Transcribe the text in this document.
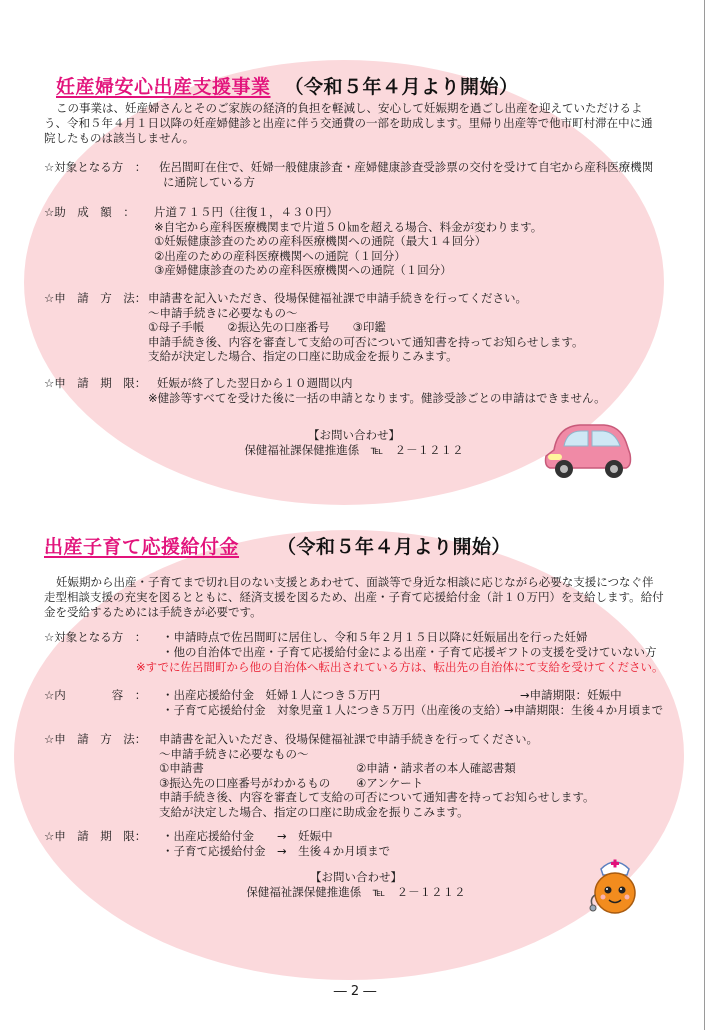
妊産婦安心出産支援事業 （令和５年４月より開始）

この事業は、妊産婦さんとそのご家族の経済的負担を軽減し、安心して妊娠期を過ごし出産を迎えていただけるよう、令和５年４月１日以降の妊産婦健診と出産に伴う交通費の一部を助成します。里帰り出産等で他市町村滞在中に通院したものは該当しません。

☆対象となる方　： 佐呂間町在住で、妊婦一般健康診査・産婦健康診査受診票の交付を受けて自宅から産科医療機関
に通院している方
☆助　成　額　： 片道７１５円（往復１，４３０円）
※自宅から産科医療機関まで片道５０㎞を超える場合、料金が変わります。
①妊娠健康診査のための産科医療機関への通院（最大１４回分）
②出産のための産科医療機関への通院（１回分）
③産婦健康診査のための産科医療機関への通院（１回分）
☆申　請　方　法： 申請書を記入いただき、役場保健福祉課で申請手続きを行ってください。
～申請手続きに必要なもの～
①母子手帳　　②振込先の口座番号　　③印鑑
申請手続き後、内容を審査して支給の可否について通知書を持ってお知らせします。
支給が決定した場合、指定の口座に助成金を振りこみます。
☆申　請　期　限： 妊娠が終了した翌日から１０週間以内
※健診等すべてを受けた後に一括の申請となります。健診受診ごとの申請はできません。
【お問い合わせ】
保健福祉課保健推進係　℡　２－１２１２
出産子育て応援給付金 （令和５年４月より開始）

妊娠期から出産・子育てまで切れ目のない支援とあわせて、面談等で身近な相談に応じながら必要な支援につなぐ伴走型相談支援の充実を図るとともに、経済支援を図るため、出産・子育て応援給付金（計１０万円）を支給します。給付金を受給するためには手続きが必要です。

☆対象となる方　： ・申請時点で佐呂間町に居住し、令和５年２月１５日以降に妊娠届出を行った妊婦
・他の自治体で出産・子育て応援給付金による出産・子育て応援ギフトの支援を受けていない方
※すでに佐呂間町から他の自治体へ転出されている方は、転出先の自治体にて支給を受けてください。
☆内　　　　容　： ・出産応援給付金　妊婦１人につき５万円
・子育て応援給付金　対象児童１人につき５万円（出産後の支給）
→申請期限：妊娠中
→申請期限：生後４か月頃まで
☆申　請　方　法： 申請書を記入いただき、役場保健福祉課で申請手続きを行ってください。
～申請手続きに必要なもの～
①申請書
③振込先の口座番号がわかるもの
②申請・請求者の本人確認書類
④アンケート
申請手続き後、内容を審査して支給の可否について通知書を持ってお知らせします。
支給が決定した場合、指定の口座に助成金を振りこみます。
☆申　請　期　限： ・出産応援給付金　　→　妊娠中
・子育て応援給付金　→　生後４か月頃まで
【お問い合わせ】
保健福祉課保健推進係　℡　２－１２１２
― 2 ―
